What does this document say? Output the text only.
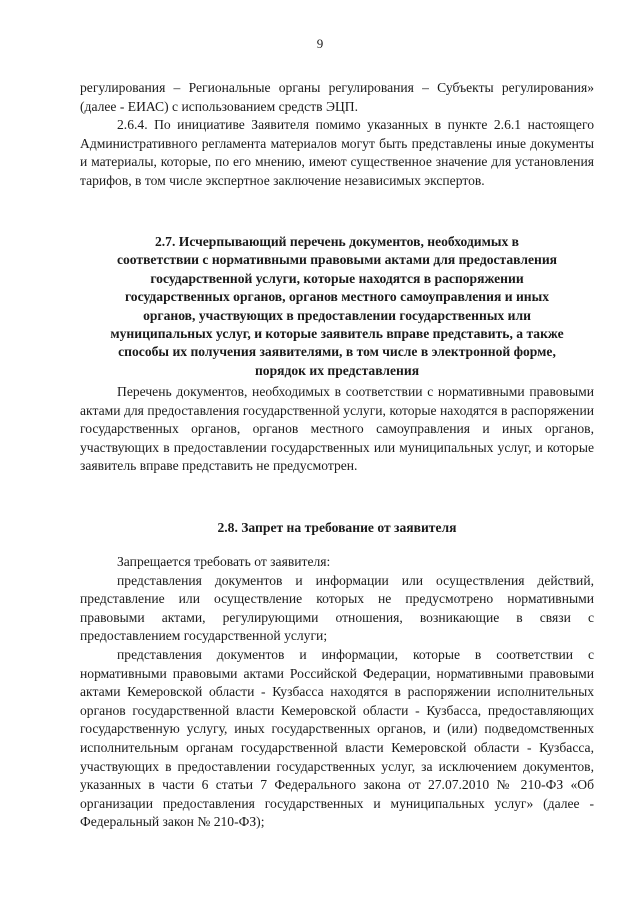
9

регулирования – Региональные органы регулирования – Субъекты регулирования» (далее - ЕИАС) с использованием средств ЭЦП.

2.6.4. По инициативе Заявителя помимо указанных в пункте 2.6.1 настоящего Административного регламента материалов могут быть представлены иные документы и материалы, которые, по его мнению, имеют существенное значение для установления тарифов, в том числе экспертное заключение независимых экспертов.

2.7. Исчерпывающий перечень документов, необходимых в
соответствии с нормативными правовыми актами для предоставления
государственной услуги, которые находятся в распоряжении
государственных органов, органов местного самоуправления и иных
органов, участвующих в предоставлении государственных или
муниципальных услуг, и которые заявитель вправе представить, а также
способы их получения заявителями, в том числе в электронной форме,
порядок их представления

Перечень документов, необходимых в соответствии с нормативными правовыми актами для предоставления государственной услуги, которые находятся в распоряжении государственных органов, органов местного самоуправления и иных органов, участвующих в предоставлении государственных или муниципальных услуг, и которые заявитель вправе представить не предусмотрен.

2.8. Запрет на требование от заявителя

Запрещается требовать от заявителя:

представления документов и информации или осуществления действий, представление или осуществление которых не предусмотрено нормативными правовыми актами, регулирующими отношения, возникающие в связи с предоставлением государственной услуги;

представления документов и информации, которые в соответствии с нормативными правовыми актами Российской Федерации, нормативными правовыми актами Кемеровской области - Кузбасса находятся в распоряжении исполнительных органов государственной власти Кемеровской области - Кузбасса, предоставляющих государственную услугу, иных государственных органов, и (или) подведомственных исполнительным органам государственной власти Кемеровской области - Кузбасса, участвующих в предоставлении государственных услуг, за исключением документов, указанных в части 6 статьи 7 Федерального закона от 27.07.2010 № 210-ФЗ «Об организации предоставления государственных и муниципальных услуг» (далее - Федеральный закон № 210-ФЗ);
